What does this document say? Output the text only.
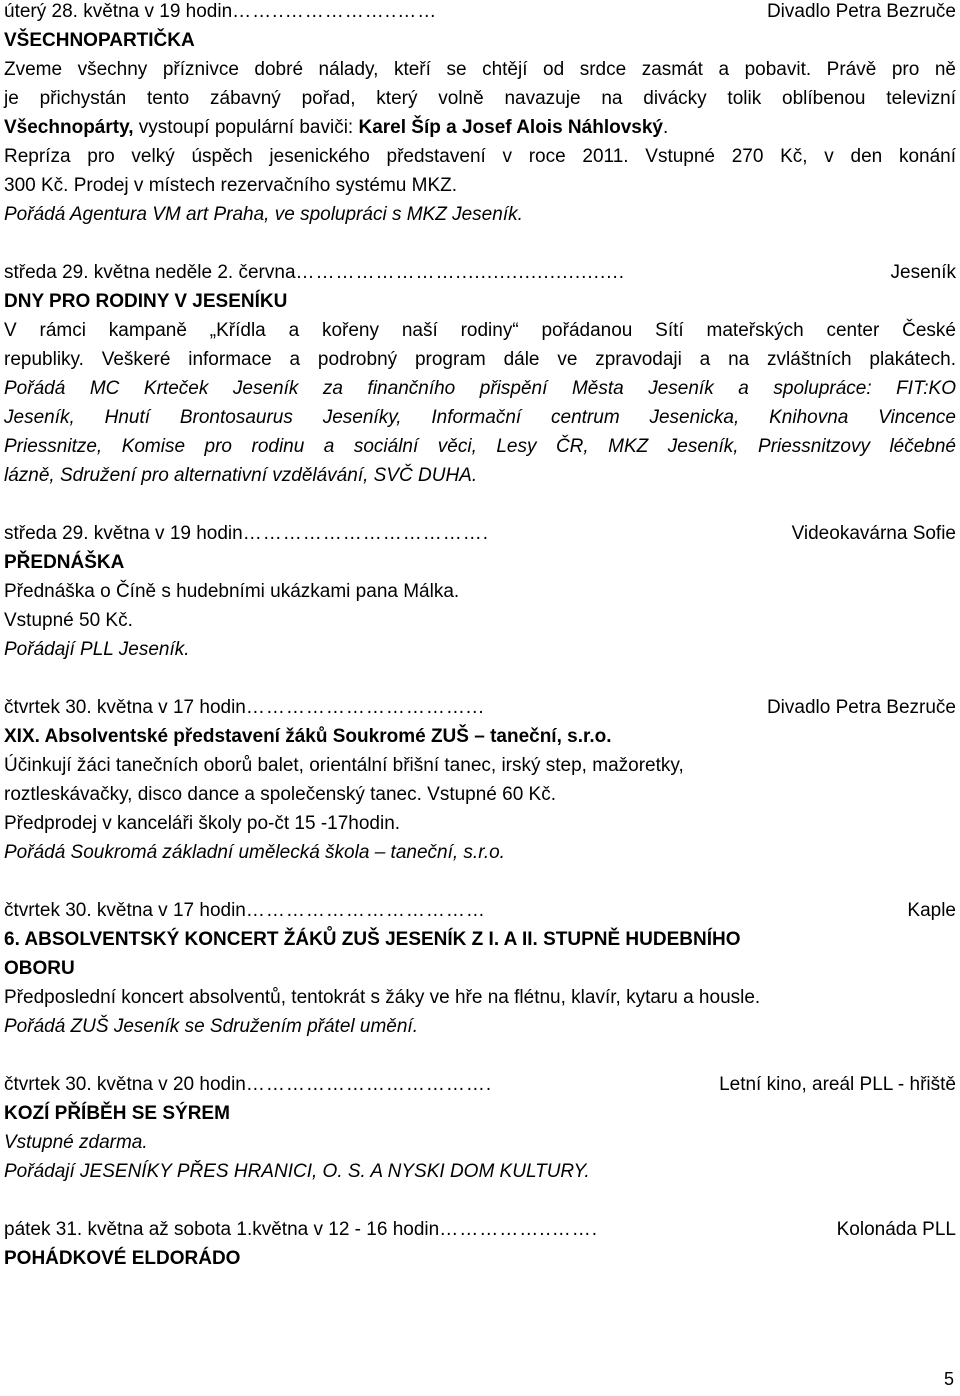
úterý 28. května v 19 hodin ……..……………..……	Divadlo Petra Bezruče
VŠECHNOPARTIČKA
Zveme všechny příznivce dobré nálady, kteří se chtějí od srdce zasmát a pobavit. Právě pro ně
je přichystán tento zábavný pořad, který volně navazuje na divácky tolik oblíbenou televizní
Všechnopárty, vystoupí populární baviči: Karel Šíp a Josef Alois Náhlovský.
Repríza pro velký úspěch jesenického představení v roce 2011. Vstupné 270 Kč, v den konání
300 Kč. Prodej v místech rezervačního systému MKZ.
Pořádá Agentura VM art Praha, ve spolupráci s MKZ Jeseník.
středa 29. května neděle 2. června ……………………...........................	Jeseník
DNY PRO RODINY V JESENÍKU
V rámci kampaně „Křídla a kořeny naší rodiny“ pořádanou Sítí mateřských center České
republiky. Veškeré informace a podrobný program dále ve zpravodaji a na zvláštních plakátech.
Pořádá MC Krteček Jeseník za finančního přispění Města Jeseník a spolupráce: FIT:KO
Jeseník, Hnutí Brontosaurus Jeseníky, Informační centrum Jesenicka, Knihovna Vincence
Priessnitze, Komise pro rodinu a sociální věci, Lesy ČR, MKZ Jeseník, Priessnitzovy léčebné
lázně, Sdružení pro alternativní vzdělávání, SVČ DUHA.
středa 29. května v 19 hodin ……………………………….	Videokavárna Sofie
PŘEDNÁŠKA
Přednáška o Číně s hudebními ukázkami pana Málka.
Vstupné 50 Kč.
Pořádají PLL Jeseník.
čtvrtek 30. května v 17 hodin ……………………………...	Divadlo Petra Bezruče
XIX. Absolventské představení žáků Soukromé ZUŠ – taneční, s.r.o.
Účinkují žáci tanečních oborů balet, orientální břišní tanec, irský step, mažoretky,
roztleskávačky, disco dance a společenský tanec. Vstupné 60 Kč.
Předprodej v kanceláři školy po-čt 15 -17hodin.
Pořádá Soukromá základní umělecká škola – taneční, s.r.o.
čtvrtek 30. května v 17 hodin ………………………………	Kaple
6. ABSOLVENTSKÝ KONCERT ŽÁKŮ ZUŠ JESENÍK Z I. A II. STUPNĚ HUDEBNÍHO
OBORU
Předposlední koncert absolventů, tentokrát s žáky ve hře na flétnu, klavír, kytaru a housle.
Pořádá ZUŠ Jeseník se Sdružením přátel umění.
čtvrtek 30. května v 20 hodin ……………………………….	Letní kino, areál PLL - hřiště
KOZÍ PŘÍBĚH SE SÝREM
Vstupné zdarma.
Pořádají JESENÍKY PŘES HRANICI, O. S. A NYSKI DOM KULTURY.
pátek 31. května až sobota 1.května v 12 - 16 hodin ……………..…….	Kolonáda PLL
POHÁDKOVÉ ELDORÁDO
5
